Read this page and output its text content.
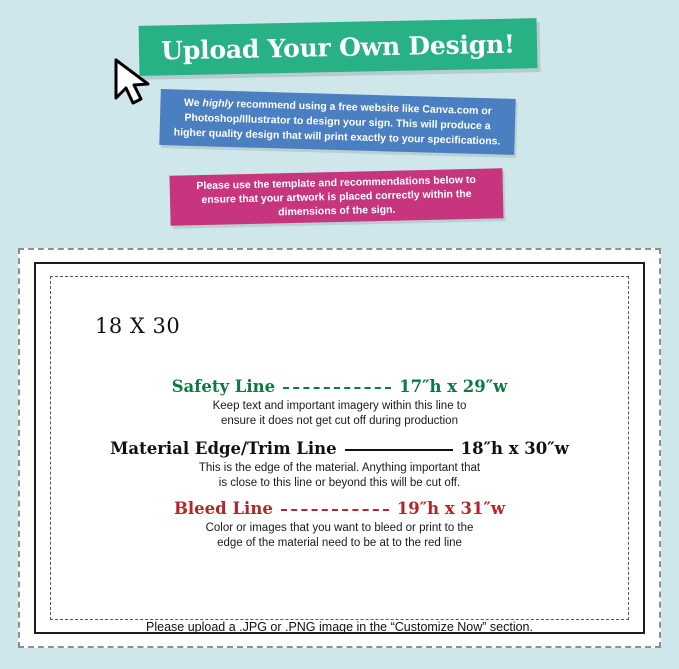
Upload Your Own Design!
We highly recommend using a free website like Canva.com or
Photoshop/Illustrator to design your sign. This will produce a
higher quality design that will print exactly to your specifications.
Please use the template and recommendations below to
ensure that your artwork is placed correctly within the
dimensions of the sign.
18 X 30
Safety Line	17″h x 29″w
Keep text and important imagery within this line to
ensure it does not get cut off during production
Material Edge/Trim Line	18″h x 30″w
This is the edge of the material. Anything important that
is close to this line or beyond this will be cut off.
Bleed Line	19″h x 31″w
Color or images that you want to bleed or print to the
edge of the material need to be at to the red line
Please upload a .JPG or .PNG image in the “Customize Now” section.
